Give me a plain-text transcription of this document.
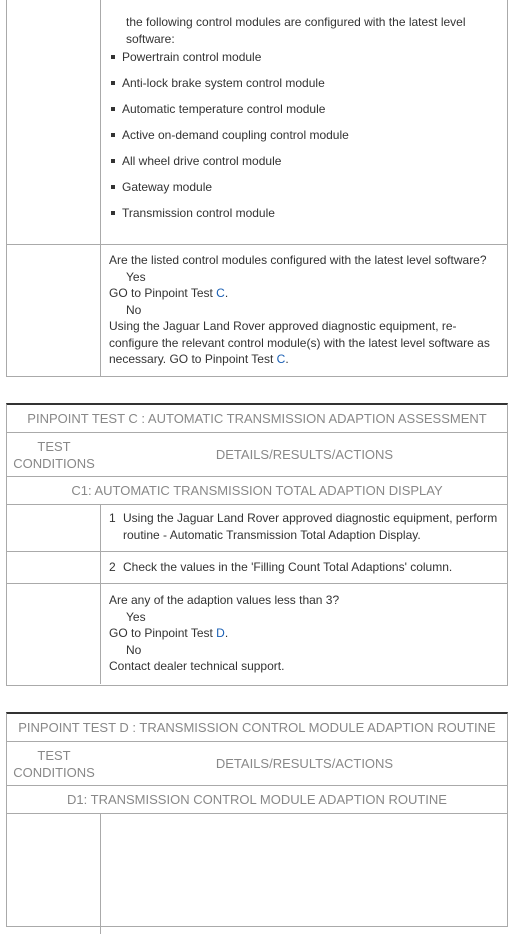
the following control modules are configured with the latest level software:
Powertrain control module
Anti-lock brake system control module
Automatic temperature control module
Active on-demand coupling control module
All wheel drive control module
Gateway module
Transmission control module
Are the listed control modules configured with the latest level software?
Yes
GO to Pinpoint Test C.
No
Using the Jaguar Land Rover approved diagnostic equipment, re-configure the relevant control module(s) with the latest level software as necessary. GO to Pinpoint Test C.
PINPOINT TEST C : AUTOMATIC TRANSMISSION ADAPTION ASSESSMENT
TEST CONDITIONS
DETAILS/RESULTS/ACTIONS
C1: AUTOMATIC TRANSMISSION TOTAL ADAPTION DISPLAY
1 Using the Jaguar Land Rover approved diagnostic equipment, perform routine - Automatic Transmission Total Adaption Display.
2 Check the values in the 'Filling Count Total Adaptions' column.
Are any of the adaption values less than 3?
Yes
GO to Pinpoint Test D.
No
Contact dealer technical support.
PINPOINT TEST D : TRANSMISSION CONTROL MODULE ADAPTION ROUTINE
TEST CONDITIONS
DETAILS/RESULTS/ACTIONS
D1: TRANSMISSION CONTROL MODULE ADAPTION ROUTINE
